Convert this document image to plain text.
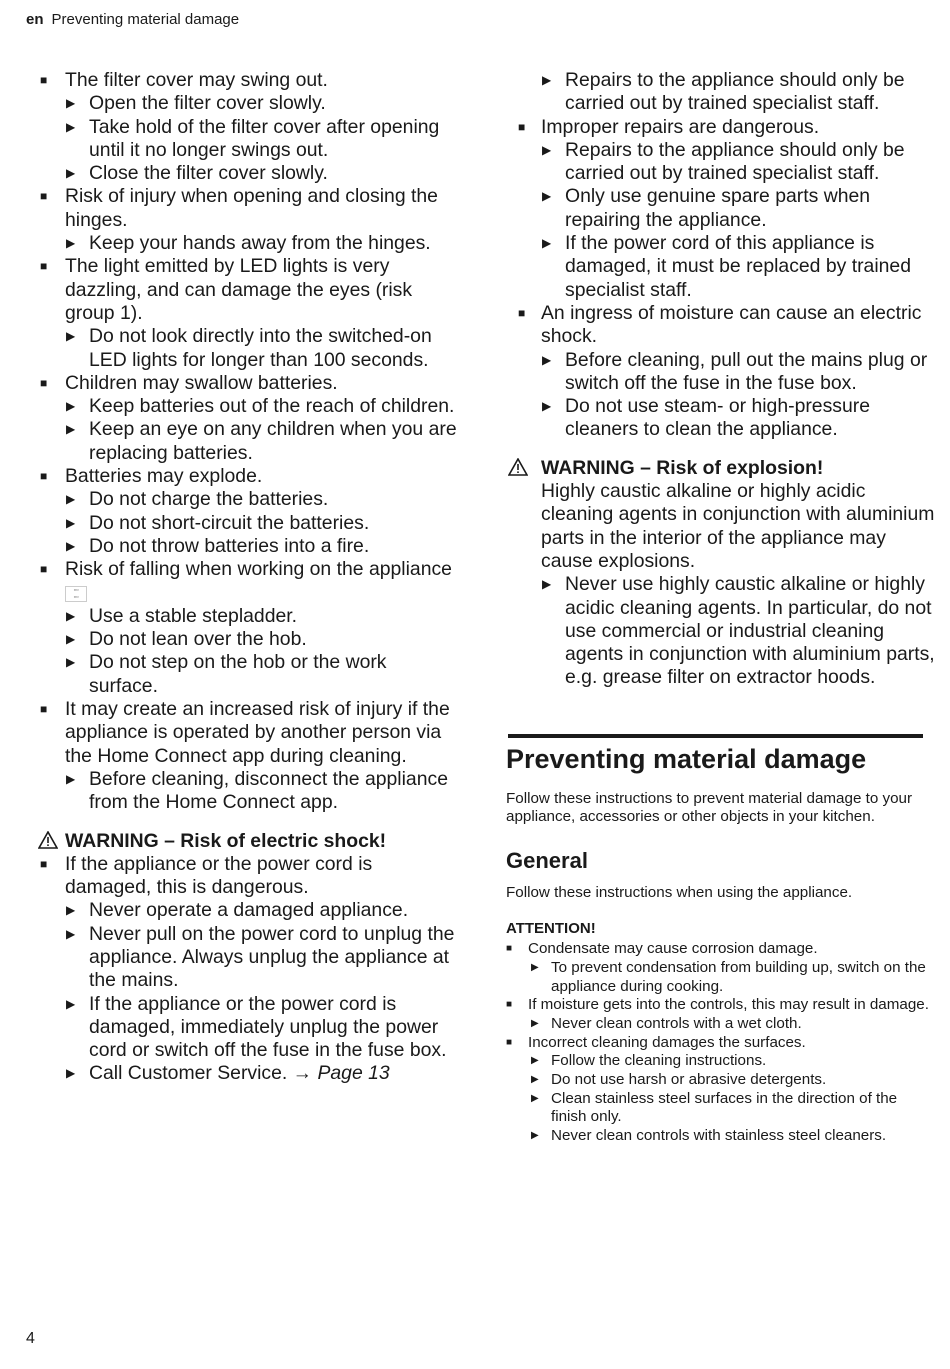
en Preventing material damage
■ The filter cover may swing out.
▶ Open the filter cover slowly.
▶ Take hold of the filter cover after opening until it no longer swings out.
▶ Close the filter cover slowly.
■ Risk of injury when opening and closing the hinges.
▶ Keep your hands away from the hinges.
■ The light emitted by LED lights is very dazzling, and can damage the eyes (risk group 1).
▶ Do not look directly into the switched-on LED lights for longer than 100 seconds.
■ Children may swallow batteries.
▶ Keep batteries out of the reach of children.
▶ Keep an eye on any children when you are replacing batteries.
■ Batteries may explode.
▶ Do not charge the batteries.
▶ Do not short-circuit the batteries.
▶ Do not throw batteries into a fire.
■ Risk of falling when working on the appliance
▫▫
▫▫
▶ Use a stable stepladder.
▶ Do not lean over the hob.
▶ Do not step on the hob or the work surface.
■ It may create an increased risk of injury if the appliance is operated by another person via the Home Connect app during cleaning.
▶ Before cleaning, disconnect the appliance from the Home Connect app.
WARNING – Risk of electric shock!
■ If the appliance or the power cord is damaged, this is dangerous.
▶ Never operate a damaged appliance.
▶ Never pull on the power cord to unplug the appliance. Always unplug the appliance at the mains.
▶ If the appliance or the power cord is damaged, immediately unplug the power cord or switch off the fuse in the fuse box.
▶ Call Customer Service. → Page 13
▶ Repairs to the appliance should only be carried out by trained specialist staff.
■ Improper repairs are dangerous.
▶ Repairs to the appliance should only be carried out by trained specialist staff.
▶ Only use genuine spare parts when repairing the appliance.
▶ If the power cord of this appliance is damaged, it must be replaced by trained specialist staff.
■ An ingress of moisture can cause an electric shock.
▶ Before cleaning, pull out the mains plug or switch off the fuse in the fuse box.
▶ Do not use steam- or high-pressure cleaners to clean the appliance.
WARNING – Risk of explosion!
Highly caustic alkaline or highly acidic cleaning agents in conjunction with aluminium parts in the interior of the appliance may cause explosions.
▶ Never use highly caustic alkaline or highly acidic cleaning agents. In particular, do not use commercial or industrial cleaning agents in conjunction with aluminium parts, e.g. grease filter on extractor hoods.
Preventing material damage
Follow these instructions to prevent material damage to your appliance, accessories or other objects in your kitchen.
General
Follow these instructions when using the appliance.
ATTENTION!
■ Condensate may cause corrosion damage.
▶ To prevent condensation from building up, switch on the appliance during cooking.
■ If moisture gets into the controls, this may result in damage.
▶ Never clean controls with a wet cloth.
■ Incorrect cleaning damages the surfaces.
▶ Follow the cleaning instructions.
▶ Do not use harsh or abrasive detergents.
▶ Clean stainless steel surfaces in the direction of the finish only.
▶ Never clean controls with stainless steel cleaners.
4
